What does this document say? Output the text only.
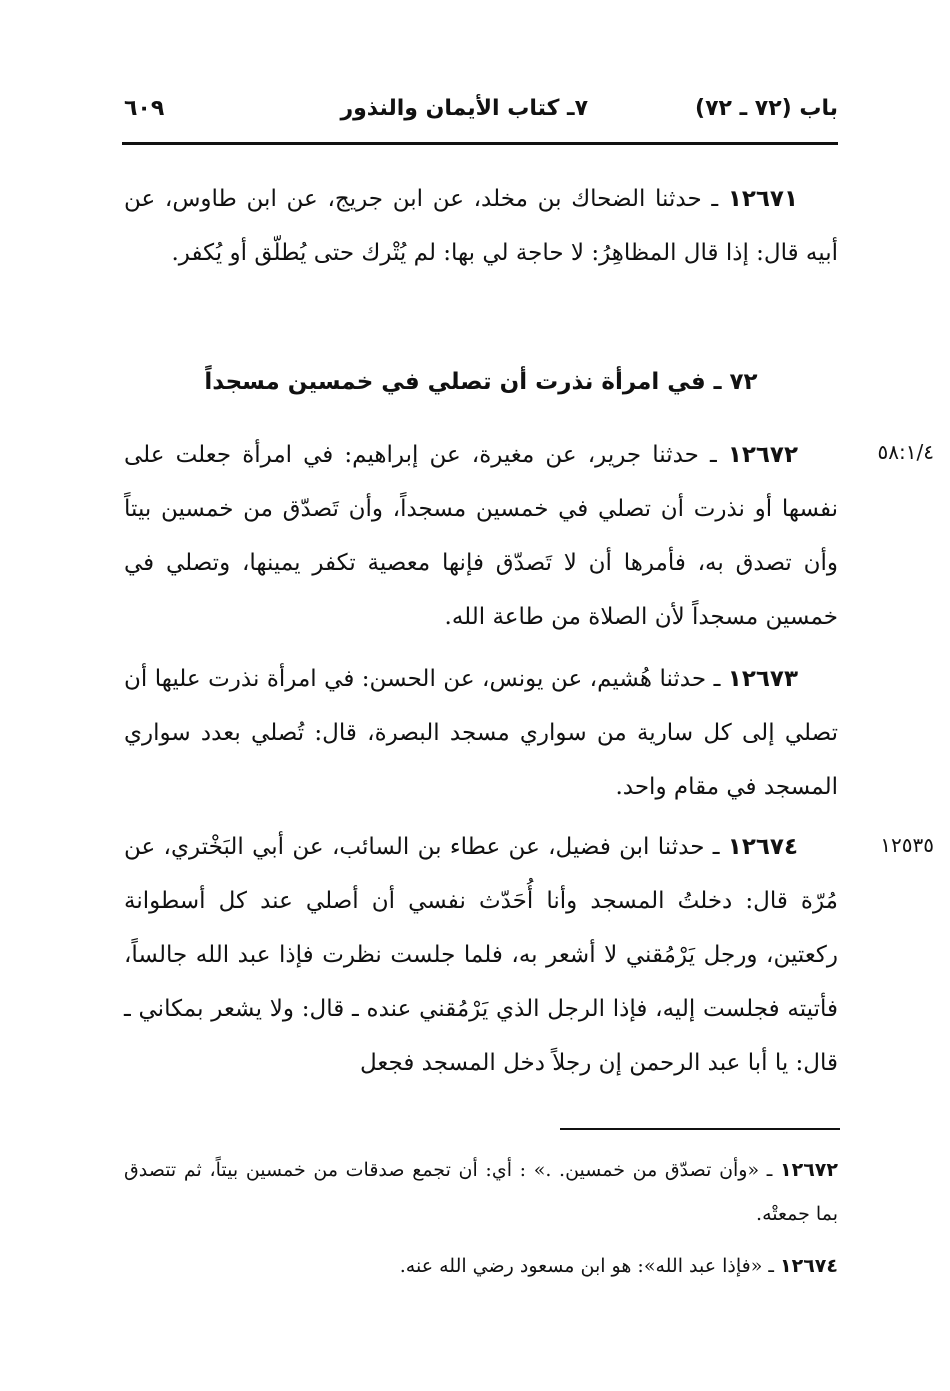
باب (٧٢ ـ ٧٢)
٧ـ كتاب الأيمان والنذور
٦٠٩
١٢٦٧١ ـ حدثنا الضحاك بن مخلد، عن ابن جريج، عن ابن طاوس، عن أبيه قال: إذا قال المظاهِرُ: لا حاجة لي بها: لم يُتْرك حتى يُطلّق أو يُكفر.
٧٢ ـ في امرأة نذرت أن تصلي في خمسين مسجداً
٥٨:١/٤
١٢٦٧٢ ـ حدثنا جرير، عن مغيرة، عن إبراهيم: في امرأة جعلت على نفسها أو نذرت أن تصلي في خمسين مسجداً، وأن تَصدّق من خمسين بيتاً وأن تصدق به، فأمرها أن لا تَصدّق فإنها معصية تكفر يمينها، وتصلي في خمسين مسجداً لأن الصلاة من طاعة الله.
١٢٦٧٣ ـ حدثنا هُشيم، عن يونس، عن الحسن: في امرأة نذرت عليها أن تصلي إلى كل سارية من سواري مسجد البصرة، قال: تُصلي بعدد سواري المسجد في مقام واحد.
١٢٥٣٥
١٢٦٧٤ ـ حدثنا ابن فضيل، عن عطاء بن السائب، عن أبي البَخْتري، عن مُرّة قال: دخلتُ المسجد وأنا أُحَدّث نفسي أن أصلي عند كل أسطوانة ركعتين، ورجل يَرْمُقني لا أشعر به، فلما جلست نظرت فإذا عبد الله جالساً، فأتيته فجلست إليه، فإذا الرجل الذي يَرْمُقني عنده ـ قال: ولا يشعر بمكاني ـ قال: يا أبا عبد الرحمن إن رجلاً دخل المسجد فجعل
١٢٦٧٢ ـ «وأن تصدّق من خمسين. .» : أي: أن تجمع صدقات من خمسين بيتاً، ثم تتصدق بما جمعتْه.
١٢٦٧٤ ـ «فإذا عبد الله»: هو ابن مسعود رضي الله عنه.
